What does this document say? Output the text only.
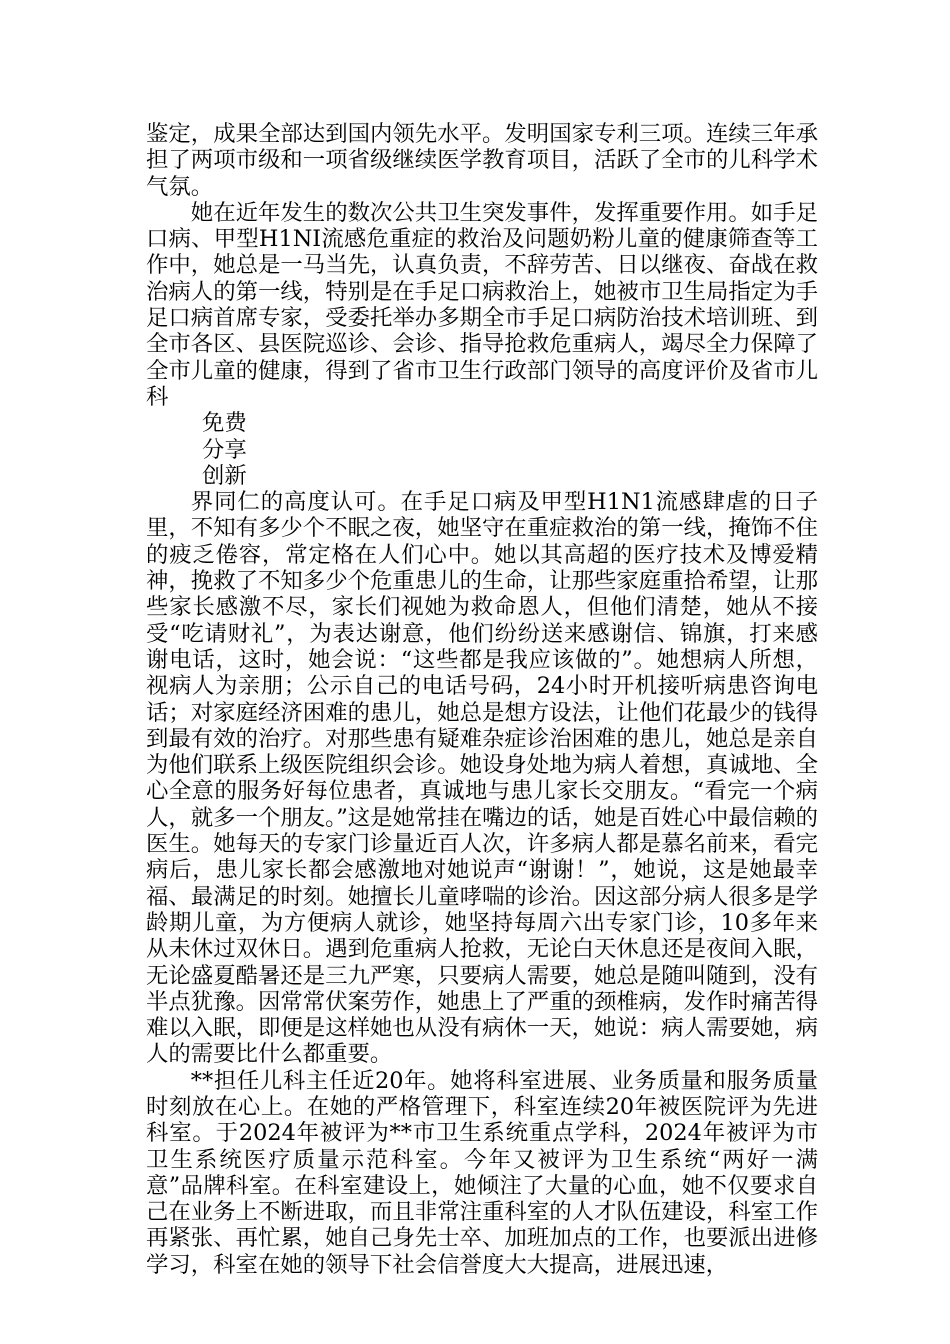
鉴定，成果全部达到国内领先水平。发明国家专利三项。连续三年承担了两项市级和一项省级继续医学教育项目，活跃了全市的儿科学术气氛。

她在近年发生的数次公共卫生突发事件，发挥重要作用。如手足口病、甲型H1NI流感危重症的救治及问题奶粉儿童的健康筛查等工作中，她总是一马当先，认真负责，不辞劳苦、日以继夜、奋战在救治病人的第一线，特别是在手足口病救治上，她被市卫生局指定为手足口病首席专家，受委托举办多期全市手足口病防治技术培训班、到全市各区、县医院巡诊、会诊、指导抢救危重病人，竭尽全力保障了全市儿童的健康，得到了省市卫生行政部门领导的高度评价及省市儿科

免费

分享

创新

界同仁的高度认可。在手足口病及甲型H1N1流感肆虐的日子里，不知有多少个不眠之夜，她坚守在重症救治的第一线，掩饰不住的疲乏倦容，常定格在人们心中。她以其高超的医疗技术及博爱精神，挽救了不知多少个危重患儿的生命，让那些家庭重拾希望，让那些家长感激不尽，家长们视她为救命恩人，但他们清楚，她从不接受“吃请财礼”，为表达谢意，他们纷纷送来感谢信、锦旗，打来感谢电话，这时，她会说：“这些都是我应该做的”。她想病人所想，视病人为亲朋；公示自己的电话号码，24小时开机接听病患咨询电话；对家庭经济困难的患儿，她总是想方设法，让他们花最少的钱得到最有效的治疗。对那些患有疑难杂症诊治困难的患儿，她总是亲自为他们联系上级医院组织会诊。她设身处地为病人着想，真诚地、全心全意的服务好每位患者，真诚地与患儿家长交朋友。“看完一个病人，就多一个朋友。”这是她常挂在嘴边的话，她是百姓心中最信赖的医生。她每天的专家门诊量近百人次，许多病人都是慕名前来，看完病后，患儿家长都会感激地对她说声“谢谢！”，她说，这是她最幸福、最满足的时刻。她擅长儿童哮喘的诊治。因这部分病人很多是学龄期儿童，为方便病人就诊，她坚持每周六出专家门诊，10多年来从未休过双休日。遇到危重病人抢救，无论白天休息还是夜间入眠，无论盛夏酷暑还是三九严寒，只要病人需要，她总是随叫随到，没有半点犹豫。因常常伏案劳作，她患上了严重的颈椎病，发作时痛苦得难以入眠，即便是这样她也从没有病休一天，她说：病人需要她，病人的需要比什么都重要。

**担任儿科主任近20年。她将科室进展、业务质量和服务质量时刻放在心上。在她的严格管理下，科室连续20年被医院评为先进科室。于2024年被评为**市卫生系统重点学科，2024年被评为市卫生系统医疗质量示范科室。今年又被评为卫生系统“两好一满意”品牌科室。在科室建设上，她倾注了大量的心血，她不仅要求自己在业务上不断进取，而且非常注重科室的人才队伍建设，科室工作再紧张、再忙累，她自己身先士卒、加班加点的工作，也要派出进修学习，科室在她的领导下社会信誉度大大提高，进展迅速，
